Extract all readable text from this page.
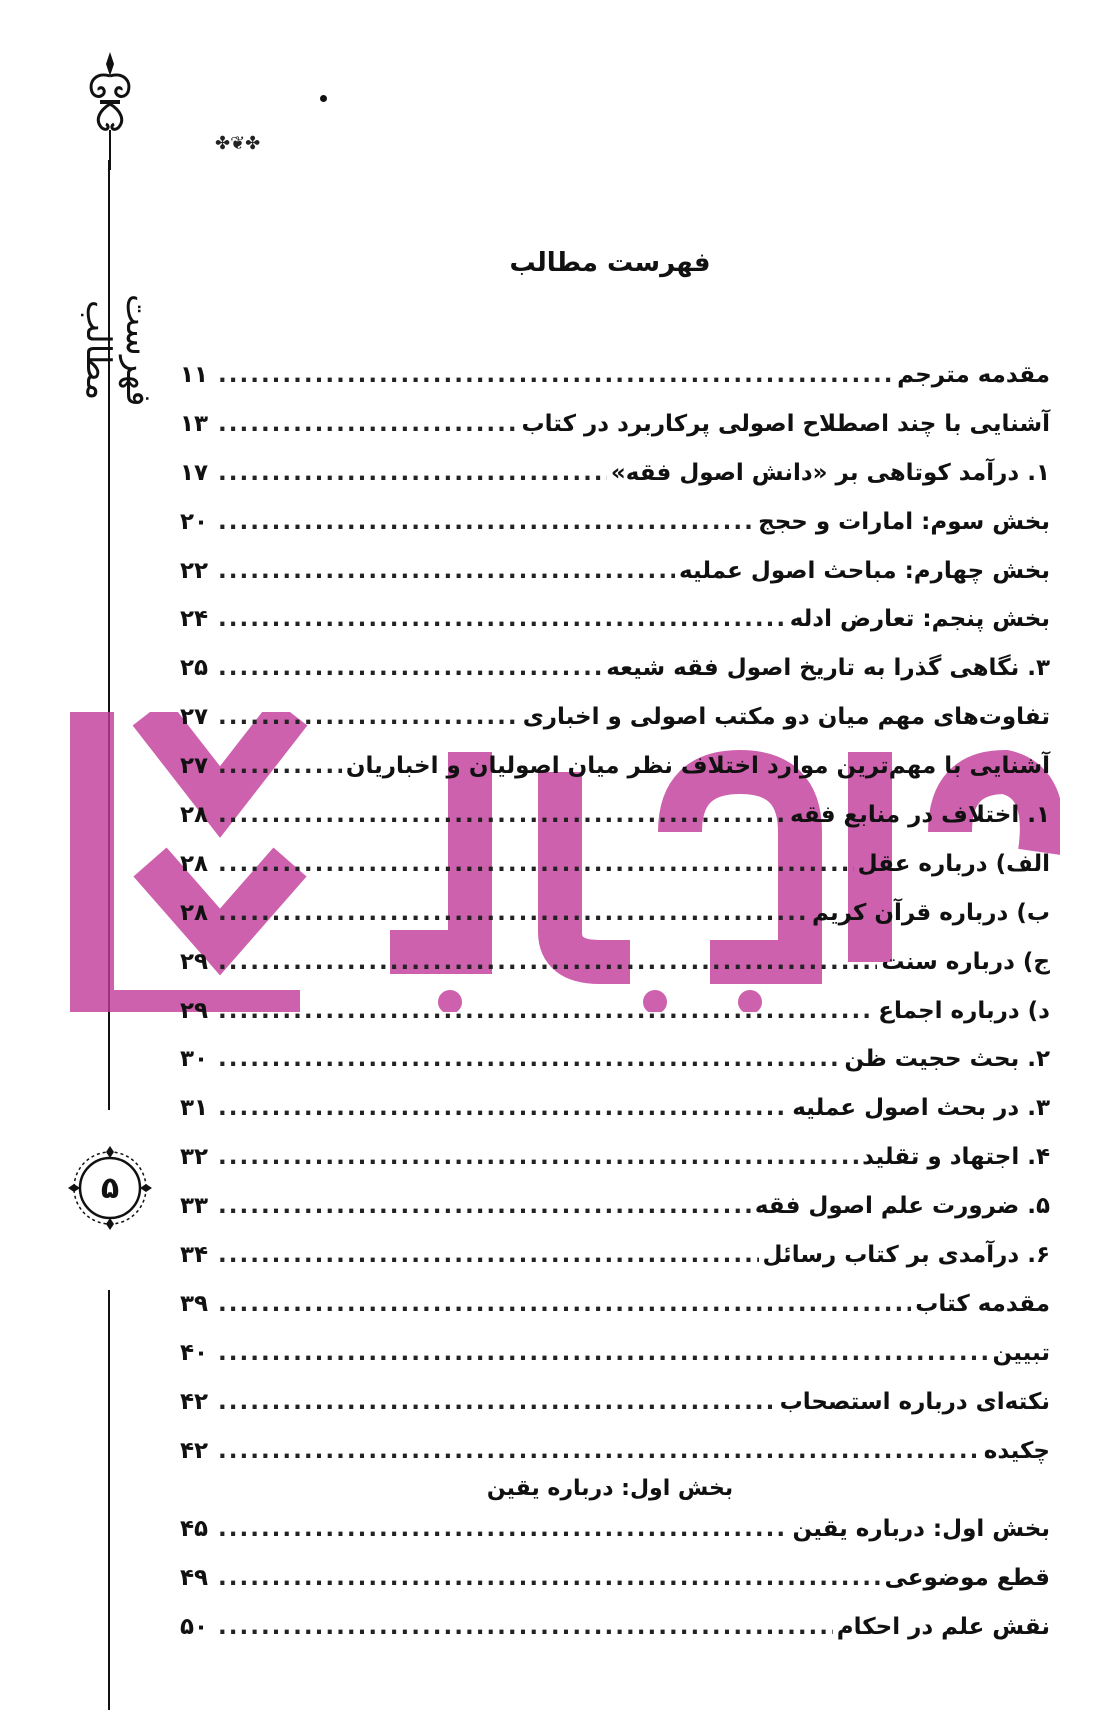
فهرست مطالب
۵
✤❦✤
فهرست مطالب
مقدمه مترجم
.....
۱۱
آشنایی با چند اصطلاح اصولی پرکاربرد در کتاب
.....
۱۳
۱. درآمد کوتاهی بر «دانش اصول فقه»
.....
۱۷
بخش سوم: امارات و حجج
.....
۲۰
بخش چهارم: مباحث اصول عملیه
.....
۲۲
بخش پنجم: تعارض ادله
.....
۲۴
۳. نگاهی گذرا به تاریخ اصول فقه شیعه
.....
۲۵
تفاوت‌های مهم میان دو مکتب اصولی و اخباری
.....
۲۷
آشنایی با مهم‌ترین موارد اختلاف نظر میان اصولیان و اخباریان
.....
۲۷
۱. اختلاف در منابع فقه
.....
۲۸
الف) درباره عقل
.....
۲۸
ب) درباره قرآن کریم
.....
۲۸
ج) درباره سنت
.....
۲۹
د) درباره اجماع
.....
۲۹
۲. بحث حجیت ظن
.....
۳۰
۳. در بحث اصول عملیه
.....
۳۱
۴. اجتهاد و تقلید
.....
۳۲
۵. ضرورت علم اصول فقه
.....
۳۳
۶. درآمدی بر کتاب رسائل
.....
۳۴
مقدمه کتاب
.....
۳۹
تبیین
.....
۴۰
نکته‌ای درباره استصحاب
.....
۴۲
چکیده
.....
۴۲
بخش اول: درباره یقین
بخش اول: درباره یقین
.....
۴۵
قطع موضوعی
.....
۴۹
نقش علم در احکام
.....
۵۰
